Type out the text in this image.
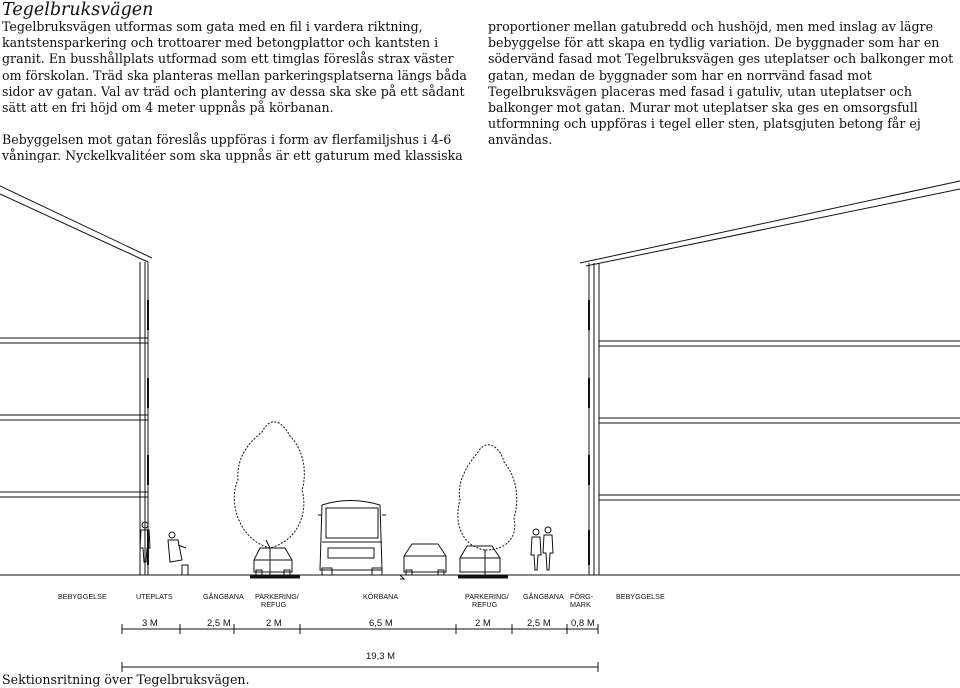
Tegelbruksvägen

Tegelbruksvägen utformas som gata med en fil i vardera riktning, kantstensparkering och trottoarer med betongplattor och kantsten i granit. En busshållplats utformad som ett timglas föreslås strax väster om förskolan. Träd ska planteras mellan parkeringsplatserna längs båda sidor av gatan. Val av träd och plantering av dessa ska ske på ett sådant sätt att en fri höjd om 4 meter uppnås på körbanan.

Bebyggelsen mot gatan föreslås uppföras i form av flerfamiljshus i 4-6 våningar. Nyckelkvalitéer som ska uppnås är ett gaturum med klassiska

proportioner mellan gatubredd och hushöjd, men med inslag av lägre bebyggelse för att skapa en tydlig variation. De byggnader som har en södervänd fasad mot Tegelbruksvägen ges uteplatser och balkonger mot gatan, medan de byggnader som har en norrvänd fasad mot Tegelbruksvägen placeras med fasad i gatuliv, utan uteplatser och balkonger mot gatan. Murar mot uteplatser ska ges en omsorgsfull utformning och uppföras i tegel eller sten, platsgjuten betong får ej användas.

BEBYGGELSE	UTEPLATS	GÅNGBANA PARKERING/
REFUG
KÖRBANA	PARKERING/
REFUG
GÅNGBANA FÖRG-
MARK
BEBYGGELSE
3 M	2,5 M	2 M	6,5 M	2 M	2,5 M 0,8 M
19,3 M
Sektionsritning över Tegelbruksvägen.
